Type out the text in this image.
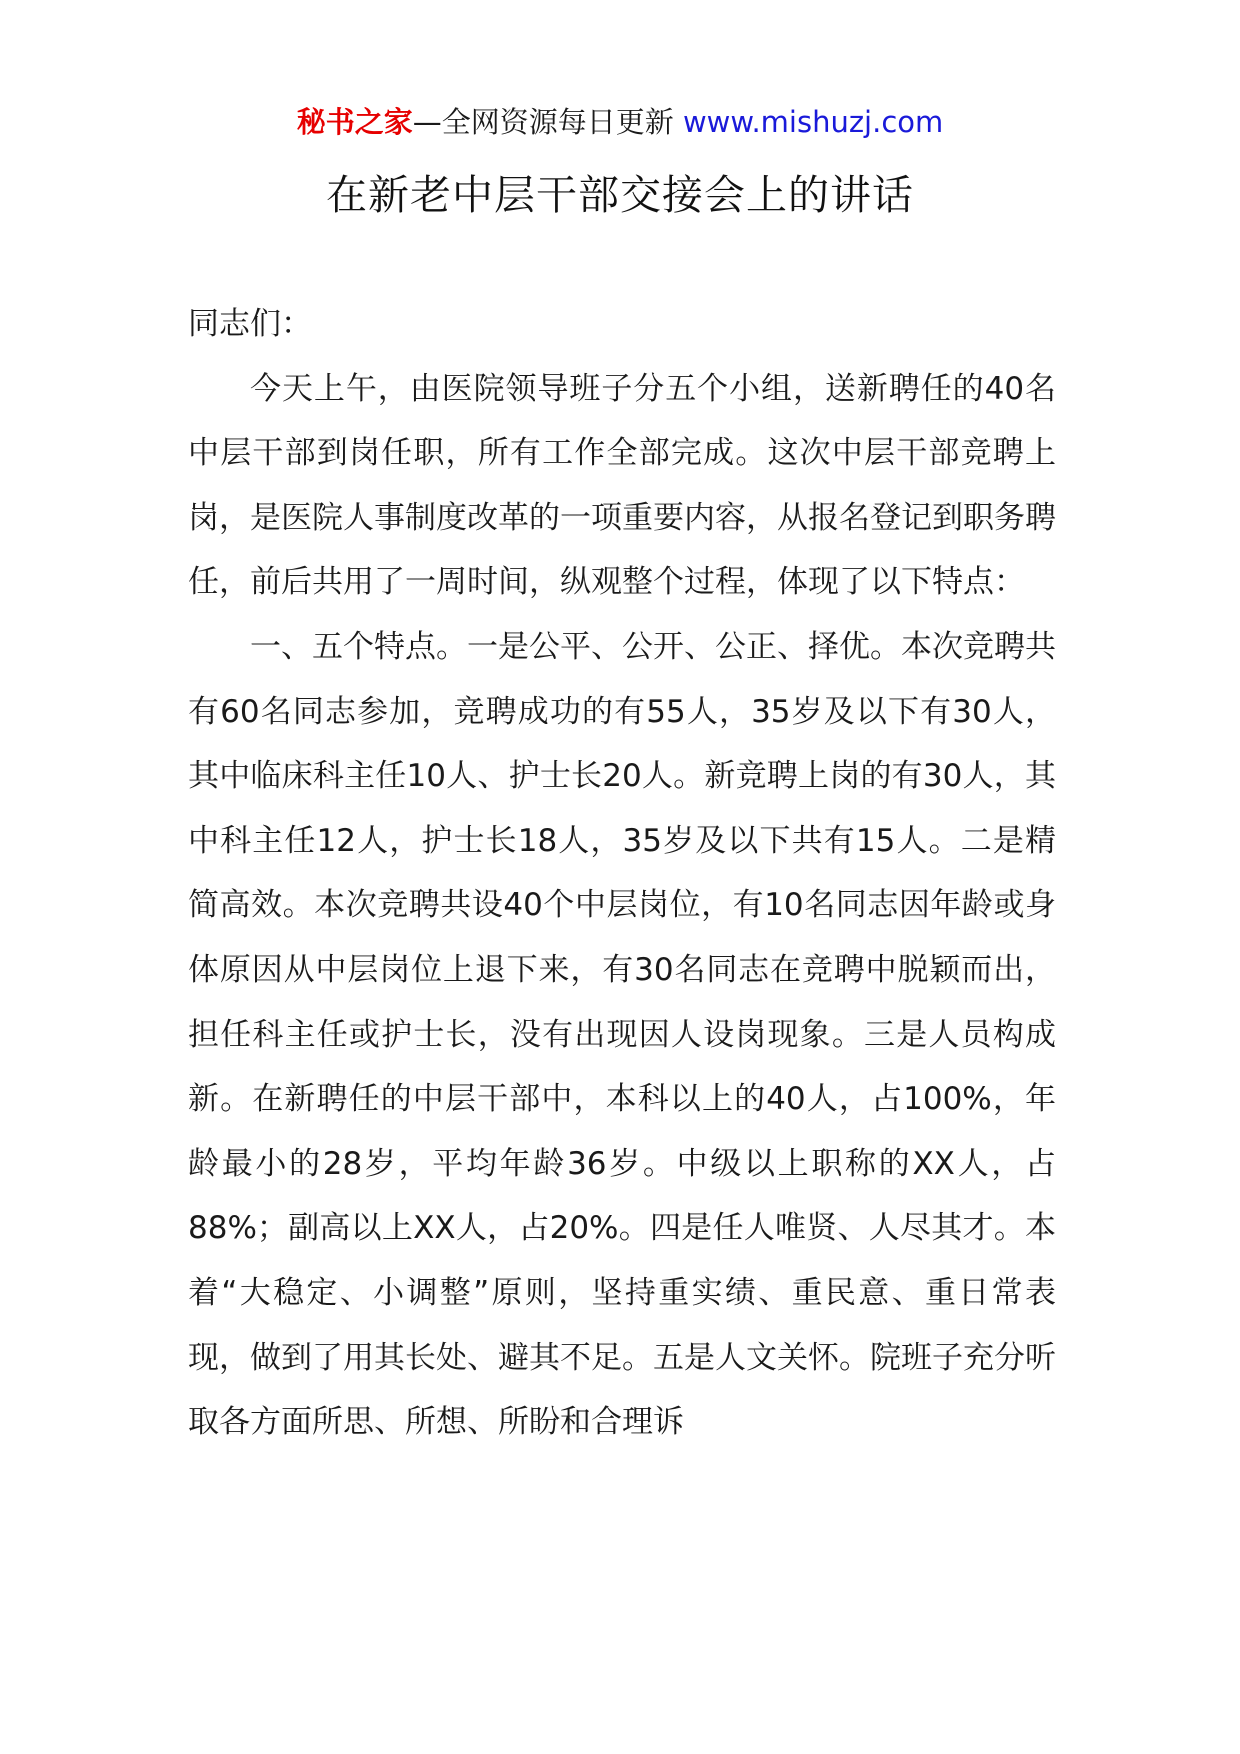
秘书之家—全网资源每日更新 www.mishuzj.com
在新老中层干部交接会上的讲话

同志们：

今天上午，由医院领导班子分五个小组，送新聘任的40名中层干部到岗任职，所有工作全部完成。这次中层干部竞聘上岗，是医院人事制度改革的一项重要内容，从报名登记到职务聘任，前后共用了一周时间，纵观整个过程，体现了以下特点：

一、五个特点。一是公平、公开、公正、择优。本次竞聘共有60名同志参加，竞聘成功的有55人，35岁及以下有30人，其中临床科主任10人、护士长20人。新竞聘上岗的有30人，其中科主任12人，护士长18人，35岁及以下共有15人。二是精简高效。本次竞聘共设40个中层岗位，有10名同志因年龄或身体原因从中层岗位上退下来，有30名同志在竞聘中脱颖而出，担任科主任或护士长，没有出现因人设岗现象。三是人员构成新。在新聘任的中层干部中，本科以上的40人，占100%，年龄最小的28岁，平均年龄36岁。中级以上职称的XX人，占88%；副高以上XX人，占20%。四是任人唯贤、人尽其才。本着“大稳定、小调整”原则，坚持重实绩、重民意、重日常表现，做到了用其长处、避其不足。五是人文关怀。院班子充分听取各方面所思、所想、所盼和合理诉
